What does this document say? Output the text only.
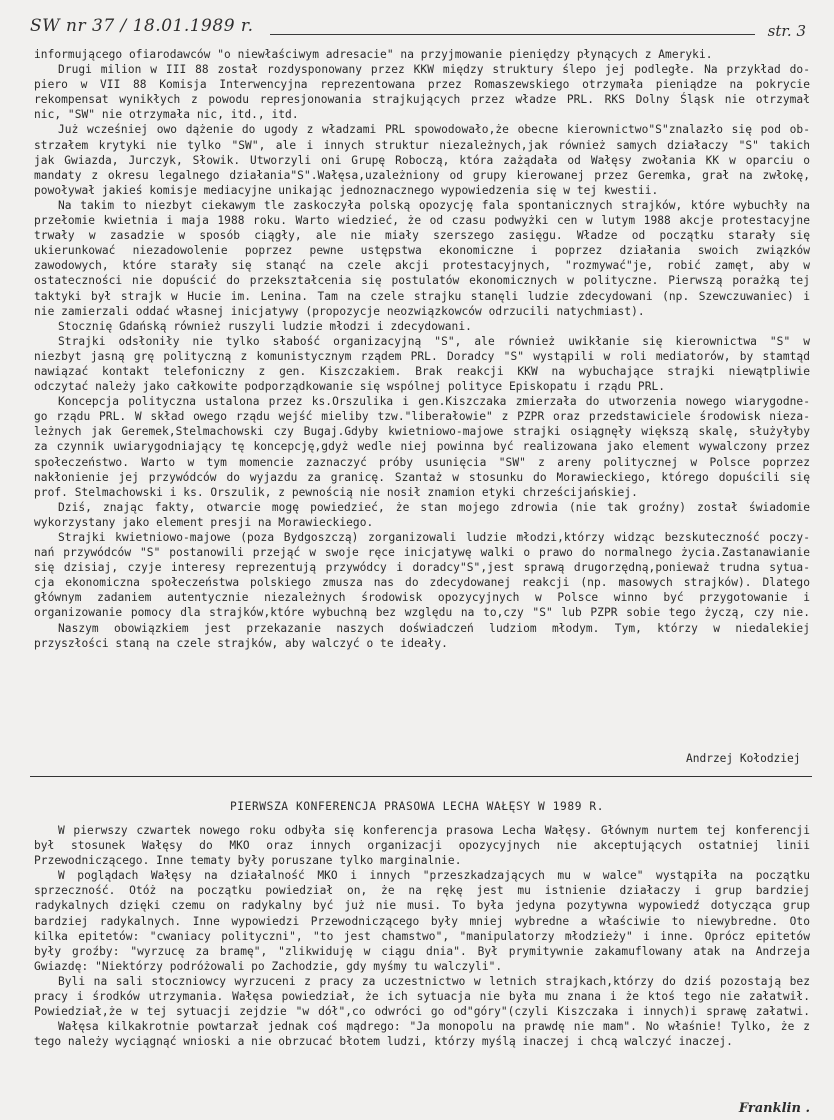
SW nr 37 / 18.01.1989 r.	str. 3
informującego ofiarodawców "o niewłaściwym adresacie" na przyjmowanie pieniędzy płynących z Ameryki.
Drugi milion w III 88 został rozdysponowany przez KKW między struktury ślepo jej podległe. Na przykład do-
piero w VII 88 Komisja Interwencyjna reprezentowana przez Romaszewskiego otrzymała pieniądze na pokrycie
rekompensat wynikłych z powodu represjonowania strajkujących przez władze PRL. RKS Dolny Śląsk nie otrzymał
nic, "SW" nie otrzymała nic, itd., itd.
Już wcześniej owo dążenie do ugody z władzami PRL spowodowało,że obecne kierownictwo"S"znalazło się pod ob-
strzałem krytyki nie tylko "SW", ale i innych struktur niezależnych,jak również samych działaczy "S" takich
jak Gwiazda, Jurczyk, Słowik. Utworzyli oni Grupę Roboczą, która zażądała od Wałęsy zwołania KK w oparciu o
mandaty z okresu legalnego działania"S".Wałęsa,uzależniony od grupy kierowanej przez Geremka, grał na zwłokę,
powoływał jakieś komisje mediacyjne unikając jednoznacznego wypowiedzenia się w tej kwestii.
Na takim to niezbyt ciekawym tle zaskoczyła polską opozycję fala spontanicznych strajków, które wybuchły na
przełomie kwietnia i maja 1988 roku. Warto wiedzieć, że od czasu podwyżki cen w lutym 1988 akcje protestacyjne
trwały w zasadzie w sposób ciągły, ale nie miały szerszego zasięgu. Władze od początku starały się
ukierunkować niezadowolenie poprzez pewne ustępstwa ekonomiczne i poprzez działania swoich związków
zawodowych, które starały się stanąć na czele akcji protestacyjnych, "rozmywać"je, robić zamęt, aby w
ostateczności nie dopuścić do przekształcenia się postulatów ekonomicznych w polityczne. Pierwszą porażką tej
taktyki był strajk w Hucie im. Lenina. Tam na czele strajku stanęli ludzie zdecydowani (np. Szewczuwaniec) i
nie zamierzali oddać własnej inicjatywy (propozycje neozwiązkowców odrzucili natychmiast).
Stocznię Gdańską również ruszyli ludzie młodzi i zdecydowani.
Strajki odsłoniły nie tylko słabość organizacyjną "S", ale również uwikłanie się kierownictwa "S" w
niezbyt jasną grę polityczną z komunistycznym rządem PRL. Doradcy "S" wystąpili w roli mediatorów, by stamtąd
nawiązać kontakt telefoniczny z gen. Kiszczakiem. Brak reakcji KKW na wybuchające strajki niewątpliwie
odczytać należy jako całkowite podporządkowanie się wspólnej polityce Episkopatu i rządu PRL.
Koncepcja polityczna ustalona przez ks.Orszulika i gen.Kiszczaka zmierzała do utworzenia nowego wiarygodne-
go rządu PRL. W skład owego rządu wejść mieliby tzw."liberałowie" z PZPR oraz przedstawiciele środowisk nieza-
leżnych jak Geremek,Stelmachowski czy Bugaj.Gdyby kwietniowo-majowe strajki osiągnęły większą skalę, służyłyby
za czynnik uwiarygodniający tę koncepcję,gdyż wedle niej powinna być realizowana jako element wywalczony przez
społeczeństwo. Warto w tym momencie zaznaczyć próby usunięcia "SW" z areny politycznej w Polsce poprzez
nakłonienie jej przywódców do wyjazdu za granicę. Szantaż w stosunku do Morawieckiego, którego dopuścili się
prof. Stelmachowski i ks. Orszulik, z pewnością nie nosił znamion etyki chrześcijańskiej.
Dziś, znając fakty, otwarcie mogę powiedzieć, że stan mojego zdrowia (nie tak groźny) został świadomie
wykorzystany jako element presji na Morawieckiego.
Strajki kwietniowo-majowe (poza Bydgoszczą) zorganizowali ludzie młodzi,którzy widząc bezskuteczność poczy-
nań przywódców "S" postanowili przejąć w swoje ręce inicjatywę walki o prawo do normalnego życia.Zastanawianie
się dzisiaj, czyje interesy reprezentują przywódcy i doradcy"S",jest sprawą drugorzędną,ponieważ trudna sytua-
cja ekonomiczna społeczeństwa polskiego zmusza nas do zdecydowanej reakcji (np. masowych strajków). Dlatego
głównym zadaniem autentycznie niezależnych środowisk opozycyjnych w Polsce winno być przygotowanie i
organizowanie pomocy dla strajków,które wybuchną bez względu na to,czy "S" lub PZPR sobie tego życzą, czy nie.
Naszym obowiązkiem jest przekazanie naszych doświadczeń ludziom młodym. Tym, którzy w niedalekiej
przyszłości staną na czele strajków, aby walczyć o te ideały.
Andrzej Kołodziej
PIERWSZA KONFERENCJA PRASOWA LECHA WAŁĘSY W 1989 R.
W pierwszy czwartek nowego roku odbyła się konferencja prasowa Lecha Wałęsy. Głównym nurtem tej konferencji
był stosunek Wałęsy do MKO oraz innych organizacji opozycyjnych nie akceptujących ostatniej linii
Przewodniczącego. Inne tematy były poruszane tylko marginalnie.
W poglądach Wałęsy na działalność MKO i innych "przeszkadzających mu w walce" wystąpiła na początku
sprzeczność. Otóż na początku powiedział on, że na rękę jest mu istnienie działaczy i grup bardziej
radykalnych dzięki czemu on radykalny być już nie musi. To była jedyna pozytywna wypowiedź dotycząca grup
bardziej radykalnych. Inne wypowiedzi Przewodniczącego były mniej wybredne a właściwie to niewybredne. Oto
kilka epitetów: "cwaniacy polityczni", "to jest chamstwo", "manipulatorzy młodzieży" i inne. Oprócz epitetów
były groźby: "wyrzucę za bramę", "zlikwiduję w ciągu dnia". Był prymitywnie zakamuflowany atak na Andrzeja
Gwiazdę: "Niektórzy podróżowali po Zachodzie, gdy myśmy tu walczyli".
Byli na sali stoczniowcy wyrzuceni z pracy za uczestnictwo w letnich strajkach,którzy do dziś pozostają bez
pracy i środków utrzymania. Wałęsa powiedział, że ich sytuacja nie była mu znana i że ktoś tego nie załatwił.
Powiedział,że w tej sytuacji zejdzie "w dół",co odwróci go od"góry"(czyli Kiszczaka i innych)i sprawę załatwi.
Wałęsa kilkakrotnie powtarzał jednak coś mądrego: "Ja monopolu na prawdę nie mam". No właśnie! Tylko, że z
tego należy wyciągnąć wnioski a nie obrzucać błotem ludzi, którzy myślą inaczej i chcą walczyć inaczej.
Franklin .
